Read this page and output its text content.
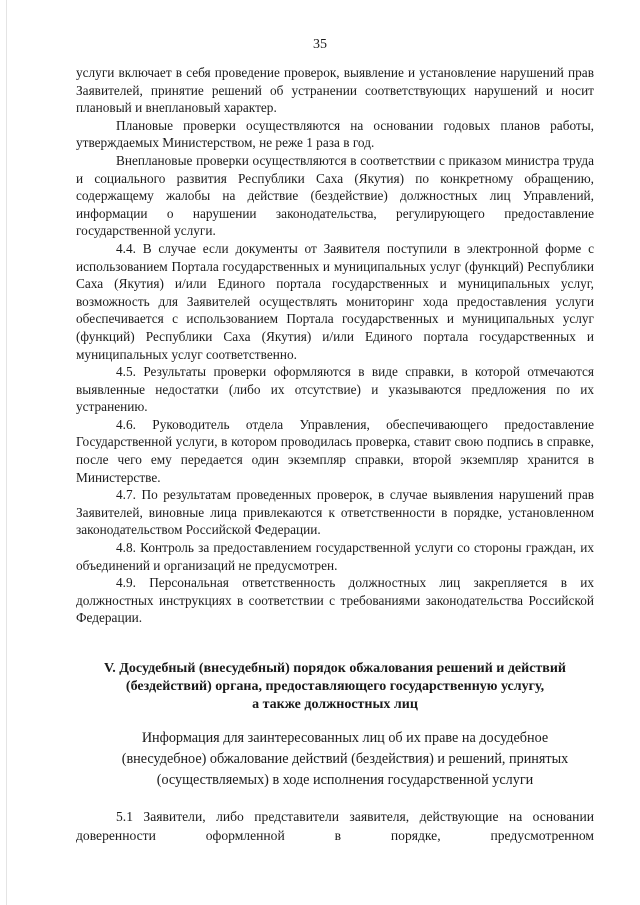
35

услуги включает в себя проведение проверок, выявление и установление нарушений прав Заявителей, принятие решений об устранении соответствующих нарушений и носит плановый и внеплановый характер.

Плановые проверки осуществляются на основании годовых планов работы, утверждаемых Министерством, не реже 1 раза в год.

Внеплановые проверки осуществляются в соответствии с приказом министра труда и социального развития Республики Саха (Якутия) по конкретному обращению, содержащему жалобы на действие (бездействие) должностных лиц Управлений, информации о нарушении законодательства, регулирующего предоставление государственной услуги.

4.4. В случае если документы от Заявителя поступили в электронной форме с использованием Портала государственных и муниципальных услуг (функций) Республики Саха (Якутия) и/или Единого портала государственных и муниципальных услуг, возможность для Заявителей осуществлять мониторинг хода предоставления услуги обеспечивается с использованием Портала государственных и муниципальных услуг (функций) Республики Саха (Якутия) и/или Единого портала государственных и муниципальных услуг соответственно.

4.5. Результаты проверки оформляются в виде справки, в которой отмечаются выявленные недостатки (либо их отсутствие) и указываются предложения по их устранению.

4.6. Руководитель отдела Управления, обеспечивающего предоставление Государственной услуги, в котором проводилась проверка, ставит свою подпись в справке, после чего ему передается один экземпляр справки, второй экземпляр хранится в Министерстве.

4.7. По результатам проведенных проверок, в случае выявления нарушений прав Заявителей, виновные лица привлекаются к ответственности в порядке, установленном законодательством Российской Федерации.

4.8. Контроль за предоставлением государственной услуги со стороны граждан, их объединений и организаций не предусмотрен.

4.9. Персональная ответственность должностных лиц закрепляется в их должностных инструкциях в соответствии с требованиями законодательства Российской Федерации.

V. Досудебный (внесудебный) порядок обжалования решений и действий
(бездействий) органа, предоставляющего государственную услугу,
а также должностных лиц
Информация для заинтересованных лиц об их праве на досудебное
(внесудебное) обжалование действий (бездействия) и решений, принятых
(осуществляемых) в ходе исполнения государственной услуги

5.1 Заявители, либо представители заявителя, действующие на основании доверенности оформленной в порядке, предусмотренном
